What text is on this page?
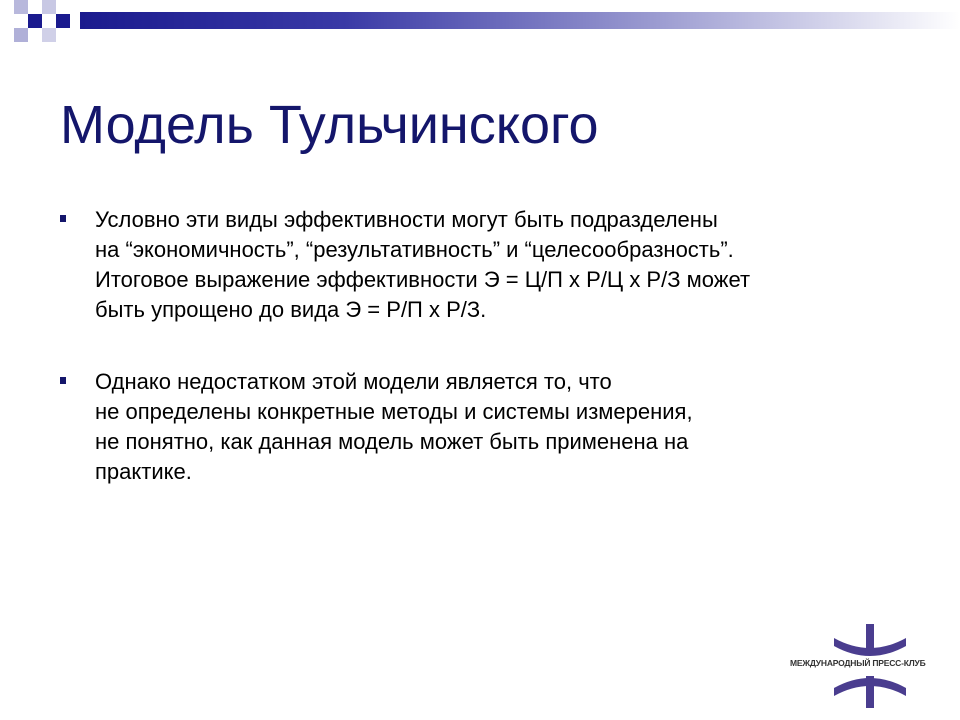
Модель Тульчинского
Условно эти виды эффективности могут быть подразделены
на “экономичность”, “результативность” и “целесообразность”.
Итоговое выражение эффективности Э = Ц/П х Р/Ц х Р/З может
быть упрощено до вида Э = Р/П х Р/З.
Однако недостатком этой модели является то, что
не определены конкретные методы и системы измерения,
не понятно, как данная модель может быть применена на
практике.
МЕЖДУНАРОДНЫЙ ПРЕСС-КЛУБ
